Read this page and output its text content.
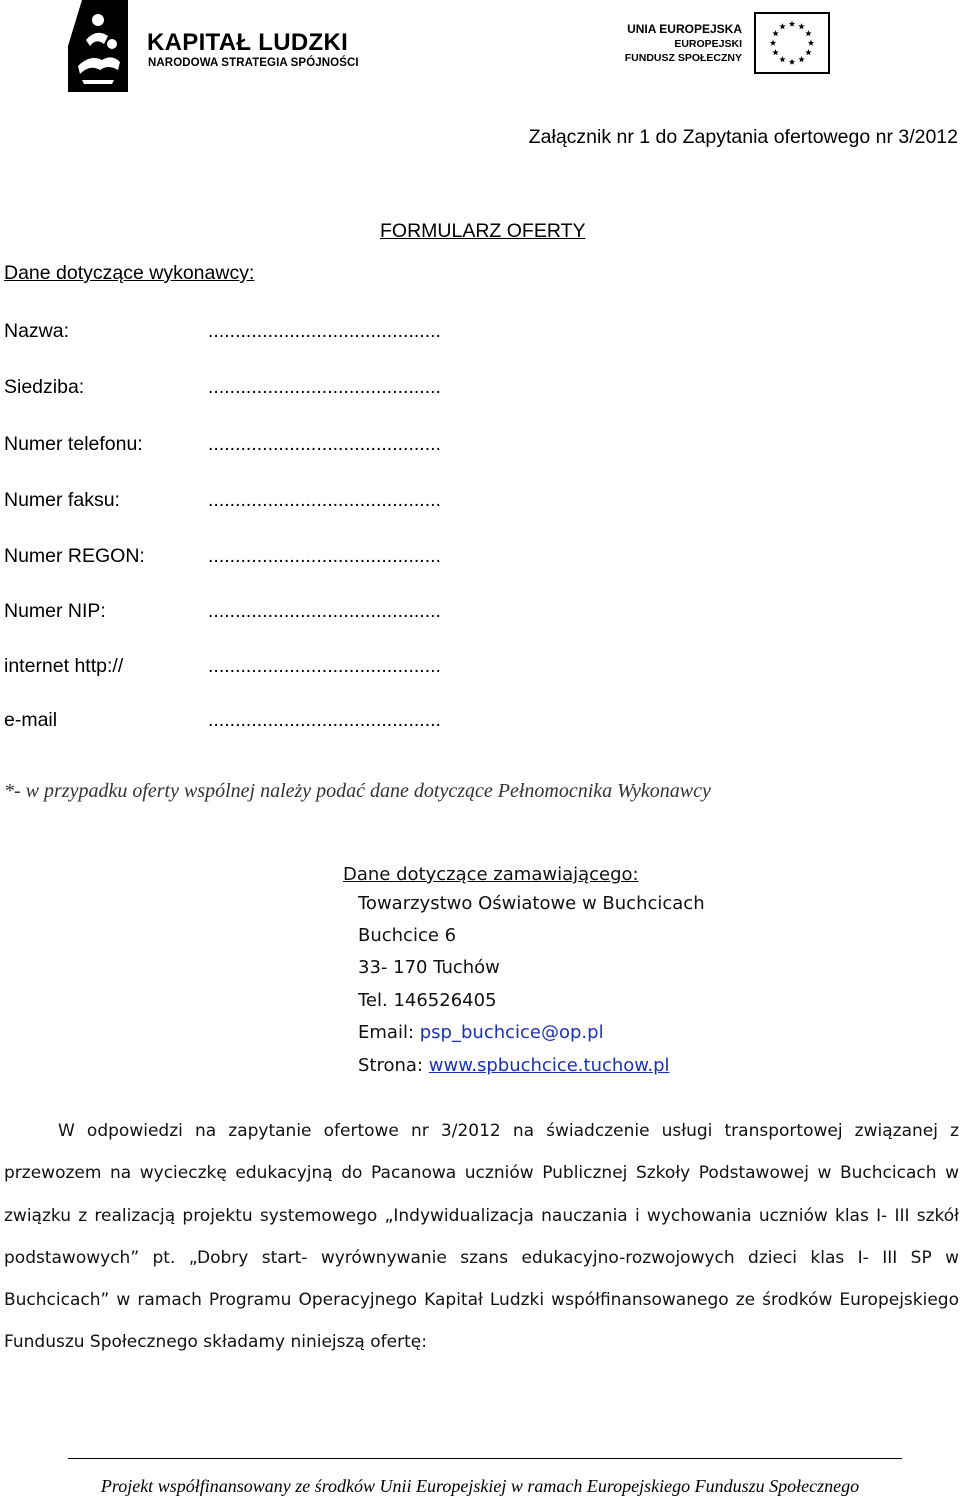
KAPITAŁ LUDZKI
NARODOWA STRATEGIA SPÓJNOŚCI
UNIA EUROPEJSKA
EUROPEJSKI
FUNDUSZ SPOŁECZNY
Załącznik nr 1 do Zapytania ofertowego nr 3/2012
FORMULARZ OFERTY
Dane dotyczące wykonawcy:
Nazwa:	...........................................
Siedziba:	...........................................
Numer telefonu:	...........................................
Numer faksu:	...........................................
Numer REGON:	...........................................
Numer NIP:	...........................................
internet http://	...........................................
e-mail	...........................................
*- w przypadku oferty wspólnej należy podać dane dotyczące Pełnomocnika Wykonawcy
Dane dotyczące zamawiającego:
Towarzystwo Oświatowe w Buchcicach
Buchcice 6
33- 170 Tuchów
Tel. 146526405
Email: psp_buchcice@op.pl
Strona: www.spbuchcice.tuchow.pl
W odpowiedzi na zapytanie ofertowe nr 3/2012 na świadczenie usługi transportowej związanej z przewozem na wycieczkę edukacyjną do Pacanowa uczniów Publicznej Szkoły Podstawowej w Buchcicach w związku z realizacją projektu systemowego „Indywidualizacja nauczania i wychowania uczniów klas I- III szkół podstawowych” pt. „Dobry start- wyrównywanie szans edukacyjno-rozwojowych dzieci klas I- III SP w Buchcicach” w ramach Programu Operacyjnego Kapitał Ludzki współfinansowanego ze środków Europejskiego Funduszu Społecznego składamy niniejszą ofertę:
Projekt współfinansowany ze środków Unii Europejskiej w ramach Europejskiego Funduszu Społecznego
